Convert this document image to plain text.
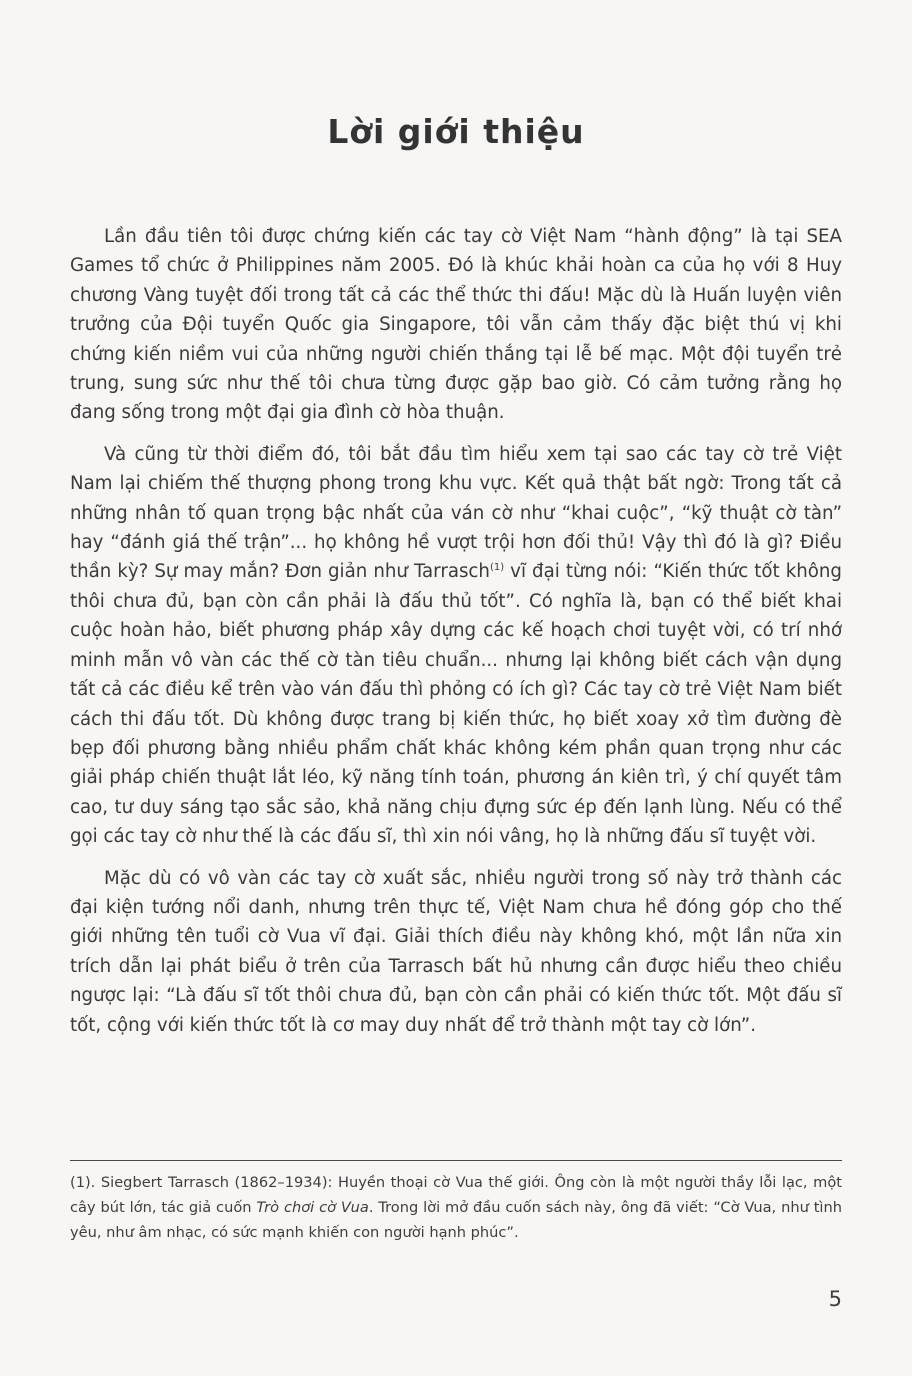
Lời giới thiệu

Lần đầu tiên tôi được chứng kiến các tay cờ Việt Nam “hành động” là tại SEA Games tổ chức ở Philippines năm 2005. Đó là khúc khải hoàn ca của họ với 8 Huy chương Vàng tuyệt đối trong tất cả các thể thức thi đấu! Mặc dù là Huấn luyện viên trưởng của Đội tuyển Quốc gia Singapore, tôi vẫn cảm thấy đặc biệt thú vị khi chứng kiến niềm vui của những người chiến thắng tại lễ bế mạc. Một đội tuyển trẻ trung, sung sức như thế tôi chưa từng được gặp bao giờ. Có cảm tưởng rằng họ đang sống trong một đại gia đình cờ hòa thuận.

Và cũng từ thời điểm đó, tôi bắt đầu tìm hiểu xem tại sao các tay cờ trẻ Việt Nam lại chiếm thế thượng phong trong khu vực. Kết quả thật bất ngờ: Trong tất cả những nhân tố quan trọng bậc nhất của ván cờ như “khai cuộc”, “kỹ thuật cờ tàn” hay “đánh giá thế trận”... họ không hề vượt trội hơn đối thủ! Vậy thì đó là gì? Điều thần kỳ? Sự may mắn? Đơn giản như Tarrasch$^{(1)}$ vĩ đại từng nói: “Kiến thức tốt không thôi chưa đủ, bạn còn cần phải là đấu thủ tốt”. Có nghĩa là, bạn có thể biết khai cuộc hoàn hảo, biết phương pháp xây dựng các kế hoạch chơi tuyệt vời, có trí nhớ minh mẫn vô vàn các thế cờ tàn tiêu chuẩn... nhưng lại không biết cách vận dụng tất cả các điều kể trên vào ván đấu thì phỏng có ích gì? Các tay cờ trẻ Việt Nam biết cách thi đấu tốt. Dù không được trang bị kiến thức, họ biết xoay xở tìm đường đè bẹp đối phương bằng nhiều phẩm chất khác không kém phần quan trọng như các giải pháp chiến thuật lắt léo, kỹ năng tính toán, phương án kiên trì, ý chí quyết tâm cao, tư duy sáng tạo sắc sảo, khả năng chịu đựng sức ép đến lạnh lùng. Nếu có thể gọi các tay cờ như thế là các đấu sĩ, thì xin nói vâng, họ là những đấu sĩ tuyệt vời.

Mặc dù có vô vàn các tay cờ xuất sắc, nhiều người trong số này trở thành các đại kiện tướng nổi danh, nhưng trên thực tế, Việt Nam chưa hề đóng góp cho thế giới những tên tuổi cờ Vua vĩ đại. Giải thích điều này không khó, một lần nữa xin trích dẫn lại phát biểu ở trên của Tarrasch bất hủ nhưng cần được hiểu theo chiều ngược lại: “Là đấu sĩ tốt thôi chưa đủ, bạn còn cần phải có kiến thức tốt. Một đấu sĩ tốt, cộng với kiến thức tốt là cơ may duy nhất để trở thành một tay cờ lớn”.

(1). Siegbert Tarrasch (1862–1934): Huyền thoại cờ Vua thế giới. Ông còn là một người thầy lỗi lạc, một cây bút lớn, tác giả cuốn Trò chơi cờ Vua. Trong lời mở đầu cuốn sách này, ông đã viết: “Cờ Vua, như tình yêu, như âm nhạc, có sức mạnh khiến con người hạnh phúc”.

5
